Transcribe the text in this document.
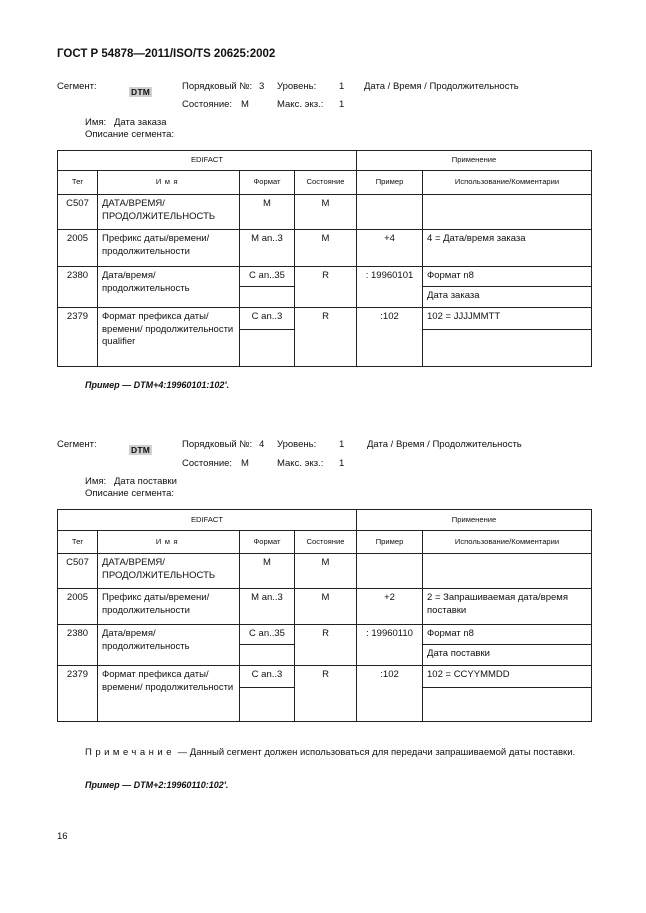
ГОСТ Р 54878—2011/ISO/TS 20625:2002
Сегмент:	DTM	Порядковый №: 3 Уровень: 1 Дата / Время / Продолжительность
Состояние: M	Макс. экз.: 1
Имя: Дата заказа
Описание сегмента:
EDIFACT				Применение	
Тег	Имя	Формат	Состояние	Пример	Использование/Комментарии
C507	ДАТА/ВРЕМЯ/ ПРОДОЛЖИТЕЛЬНОСТЬ	M	M		
2005	Префикс даты/времени/ продолжительности	M an..3	M	+4	4 = Дата/время заказа
2380	Дата/время/ продолжительность	C an..35	R	: 19960101	Формат n8
					Дата заказа
2379	Формат префикса даты/времени/ продолжительности qualifier	C an..3	R	:102	102 = JJJJMMTT

Пример — DTM+4:19960101:102'.
Сегмент:	DTM	Порядковый №: 4 Уровень: 1 Дата / Время / Продолжительность
Состояние: M	Макс. экз.: 1
Имя: Дата поставки
Описание сегмента:
EDIFACT				Применение	
Тег	Имя	Формат	Состояние	Пример	Использование/Комментарии
C507	ДАТА/ВРЕМЯ/ ПРОДОЛЖИТЕЛЬНОСТЬ	M	M		
2005	Префикс даты/времени/ продолжительности	M an..3	M	+2	2 = Запрашиваемая дата/время поставки
2380	Дата/время/ продолжительность	C an..35	R	: 19960110	Формат n8
					Дата поставки
2379	Формат префикса даты/времени/ продолжительности	C an..3	R	:102	102 = CCYYMMDD

Примечание — Данный сегмент должен использоваться для передачи запрашиваемой даты поставки.
Пример — DTM+2:19960110:102'.
16
